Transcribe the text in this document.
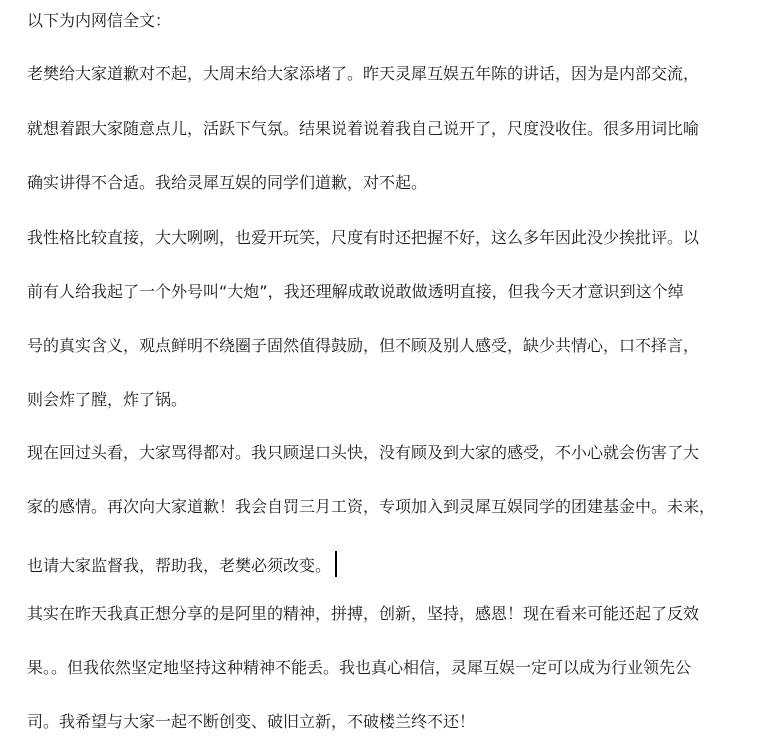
以下为内网信全文：
老樊给大家道歉对不起，大周末给大家添堵了。昨天灵犀互娱五年陈的讲话，因为是内部交流，
就想着跟大家随意点儿，活跃下气氛。结果说着说着我自己说开了，尺度没收住。很多用词比喻
确实讲得不合适。我给灵犀互娱的同学们道歉，对不起。
我性格比较直接，大大咧咧，也爱开玩笑，尺度有时还把握不好，这么多年因此没少挨批评。以
前有人给我起了一个外号叫“大炮”，我还理解成敢说敢做透明直接，但我今天才意识到这个绰
号的真实含义，观点鲜明不绕圈子固然值得鼓励，但不顾及别人感受，缺少共情心，口不择言，
则会炸了膛，炸了锅。
现在回过头看，大家骂得都对。我只顾逞口头快，没有顾及到大家的感受，不小心就会伤害了大
家的感情。再次向大家道歉！我会自罚三月工资，专项加入到灵犀互娱同学的团建基金中。未来，
也请大家监督我，帮助我，老樊必须改变。
其实在昨天我真正想分享的是阿里的精神，拼搏，创新，坚持，感恩！现在看来可能还起了反效
果。。但我依然坚定地坚持这种精神不能丢。我也真心相信，灵犀互娱一定可以成为行业领先公
司。我希望与大家一起不断创变、破旧立新，不破楼兰终不还！
